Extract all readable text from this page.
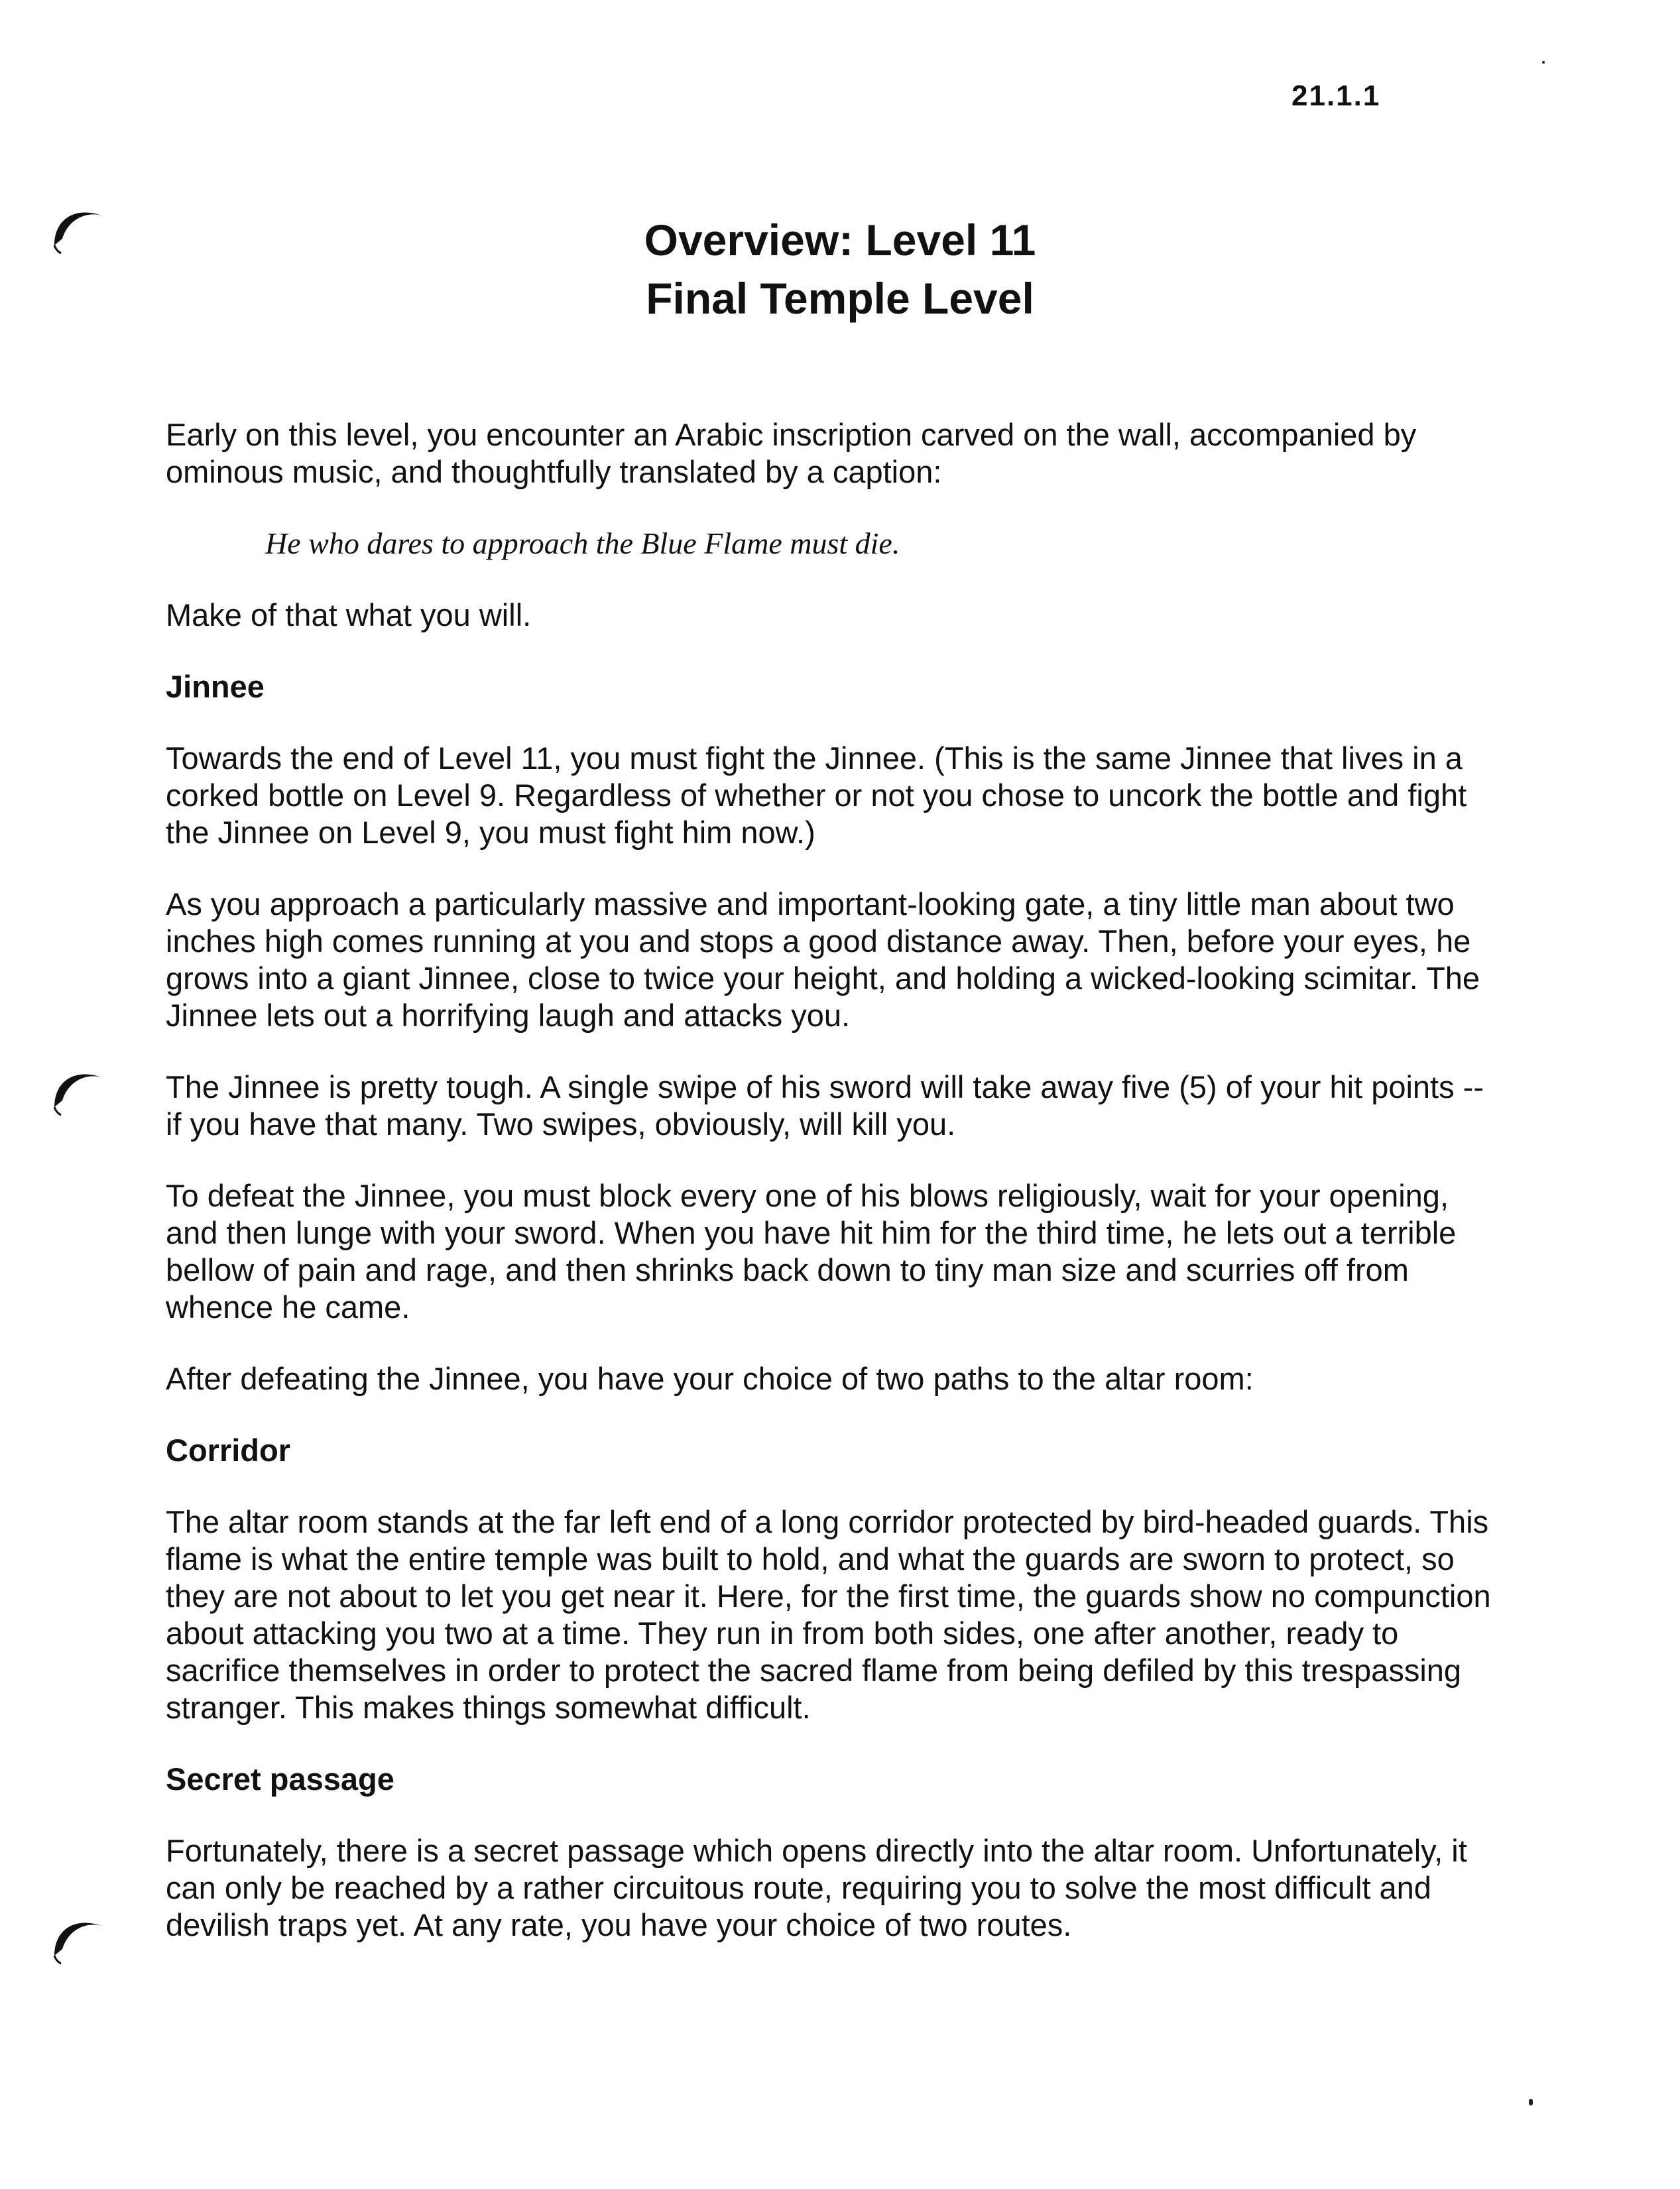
21.1.1
Overview: Level 11
Final Temple Level

Early on this level, you encounter an Arabic inscription carved on the wall, accompanied by ominous music, and thoughtfully translated by a caption:

He who dares to approach the Blue Flame must die.

Make of that what you will.

Jinnee

Towards the end of Level 11, you must fight the Jinnee. (This is the same Jinnee that lives in a corked bottle on Level 9. Regardless of whether or not you chose to uncork the bottle and fight the Jinnee on Level 9, you must fight him now.)

As you approach a particularly massive and important-looking gate, a tiny little man about two inches high comes running at you and stops a good distance away. Then, before your eyes, he grows into a giant Jinnee, close to twice your height, and holding a wicked-looking scimitar. The Jinnee lets out a horrifying laugh and attacks you.

The Jinnee is pretty tough. A single swipe of his sword will take away five (5) of your hit points -- if you have that many. Two swipes, obviously, will kill you.

To defeat the Jinnee, you must block every one of his blows religiously, wait for your opening, and then lunge with your sword. When you have hit him for the third time, he lets out a terrible bellow of pain and rage, and then shrinks back down to tiny man size and scurries off from whence he came.

After defeating the Jinnee, you have your choice of two paths to the altar room:

Corridor

The altar room stands at the far left end of a long corridor protected by bird-headed guards. This flame is what the entire temple was built to hold, and what the guards are sworn to protect, so they are not about to let you get near it. Here, for the first time, the guards show no compunction about attacking you two at a time. They run in from both sides, one after another, ready to sacrifice themselves in order to protect the sacred flame from being defiled by this trespassing stranger. This makes things somewhat difficult.

Secret passage

Fortunately, there is a secret passage which opens directly into the altar room. Unfortunately, it can only be reached by a rather circuitous route, requiring you to solve the most difficult and devilish traps yet. At any rate, you have your choice of two routes.
